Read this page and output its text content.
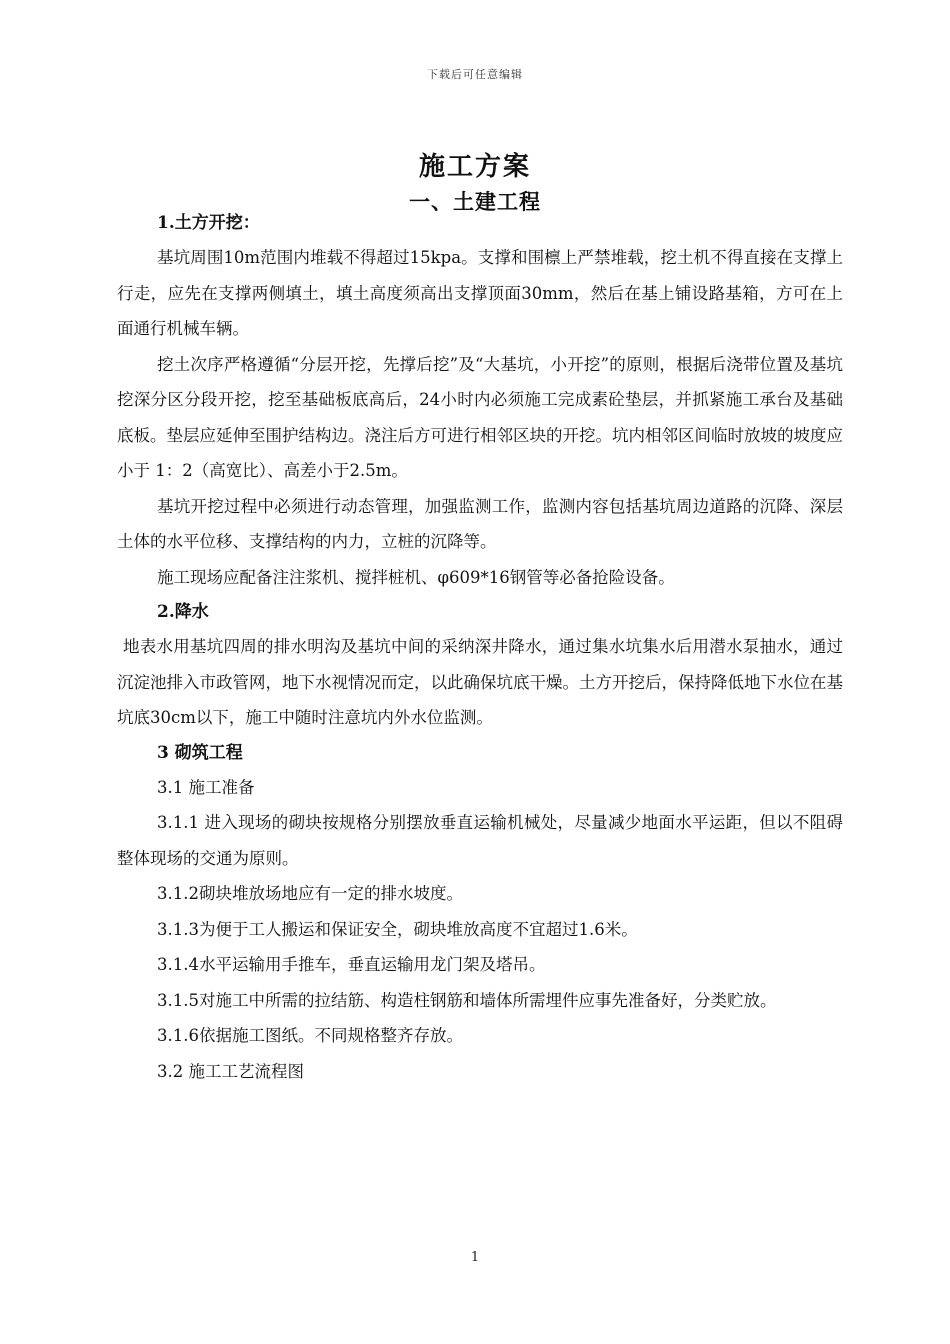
下载后可任意编辑
施工方案
一、土建工程
1.土方开挖：
基坑周围10m范围内堆载不得超过15kpa。支撑和围檩上严禁堆载，挖土机不得直接在支撑上行走，应先在支撑两侧填土，填土高度须高出支撑顶面30mm，然后在基上铺设路基箱，方可在上面通行机械车辆。
挖土次序严格遵循“分层开挖，先撑后挖”及“大基坑，小开挖”的原则，根据后浇带位置及基坑挖深分区分段开挖，挖至基础板底高后，24小时内必须施工完成素砼垫层，并抓紧施工承台及基础底板。垫层应延伸至围护结构边。浇注后方可进行相邻区块的开挖。坑内相邻区间临时放坡的坡度应小于 1：2（高宽比）、高差小于2.5m。
基坑开挖过程中必须进行动态管理，加强监测工作，监测内容包括基坑周边道路的沉降、深层土体的水平位移、支撑结构的内力，立桩的沉降等。
施工现场应配备注注浆机、搅拌桩机、φ609*16钢管等必备抢险设备。
2.降水
地表水用基坑四周的排水明沟及基坑中间的采纳深井降水，通过集水坑集水后用潜水泵抽水，通过沉淀池排入市政管网，地下水视情况而定，以此确保坑底干燥。土方开挖后，保持降低地下水位在基坑底30cm以下，施工中随时注意坑内外水位监测。
3 砌筑工程
3.1 施工准备
3.1.1 进入现场的砌块按规格分别摆放垂直运输机械处，尽量减少地面水平运距，但以不阻碍整体现场的交通为原则。
3.1.2砌块堆放场地应有一定的排水坡度。
3.1.3为便于工人搬运和保证安全，砌块堆放高度不宜超过1.6米。
3.1.4水平运输用手推车，垂直运输用龙门架及塔吊。
3.1.5对施工中所需的拉结筋、构造柱钢筋和墙体所需埋件应事先准备好，分类贮放。
3.1.6依据施工图纸。不同规格整齐存放。
3.2 施工工艺流程图
1
